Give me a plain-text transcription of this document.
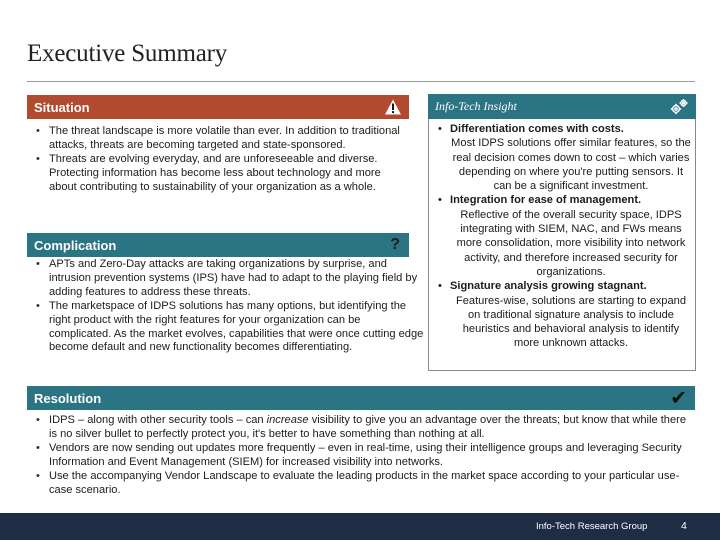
Executive Summary
Situation
• The threat landscape is more volatile than ever. In addition to traditional attacks, threats are becoming targeted and state-sponsored.
• Threats are evolving everyday, and are unforeseeable and diverse. Protecting information has become less about technology and more about contributing to sustainability of your organization as a whole.
Complication	?
• APTs and Zero-Day attacks are taking organizations by surprise, and intrusion prevention systems (IPS) have had to adapt to the playing field by adding features to address these threats.
• The marketspace of IDPS solutions has many options, but identifying the right product with the right features for your organization can be complicated. As the market evolves, capabilities that were once cutting edge become default and new functionality becomes differentiating.
Info-Tech Insight
• Differentiation comes with costs.
Most IDPS solutions offer similar features, so the real decision comes down to cost – which varies depending on where you're putting sensors. It can be a significant investment.
• Integration for ease of management.
Reflective of the overall security space, IDPS integrating with SIEM, NAC, and FWs means more consolidation, more visibility into network activity, and therefore increased security for organizations.
• Signature analysis growing stagnant.
Features-wise, solutions are starting to expand on traditional signature analysis to include heuristics and behavioral analysis to identify more unknown attacks.
Resolution	✔
• IDPS – along with other security tools – can increase visibility to give you an advantage over the threats; but know that while there is no silver bullet to perfectly protect you, it's better to have something than nothing at all.
• Vendors are now sending out updates more frequently – even in real-time, using their intelligence groups and leveraging Security Information and Event Management (SIEM) for increased visibility into networks.
• Use the accompanying Vendor Landscape to evaluate the leading products in the market space according to your particular use-case scenario.
Info-Tech Research Group	4
